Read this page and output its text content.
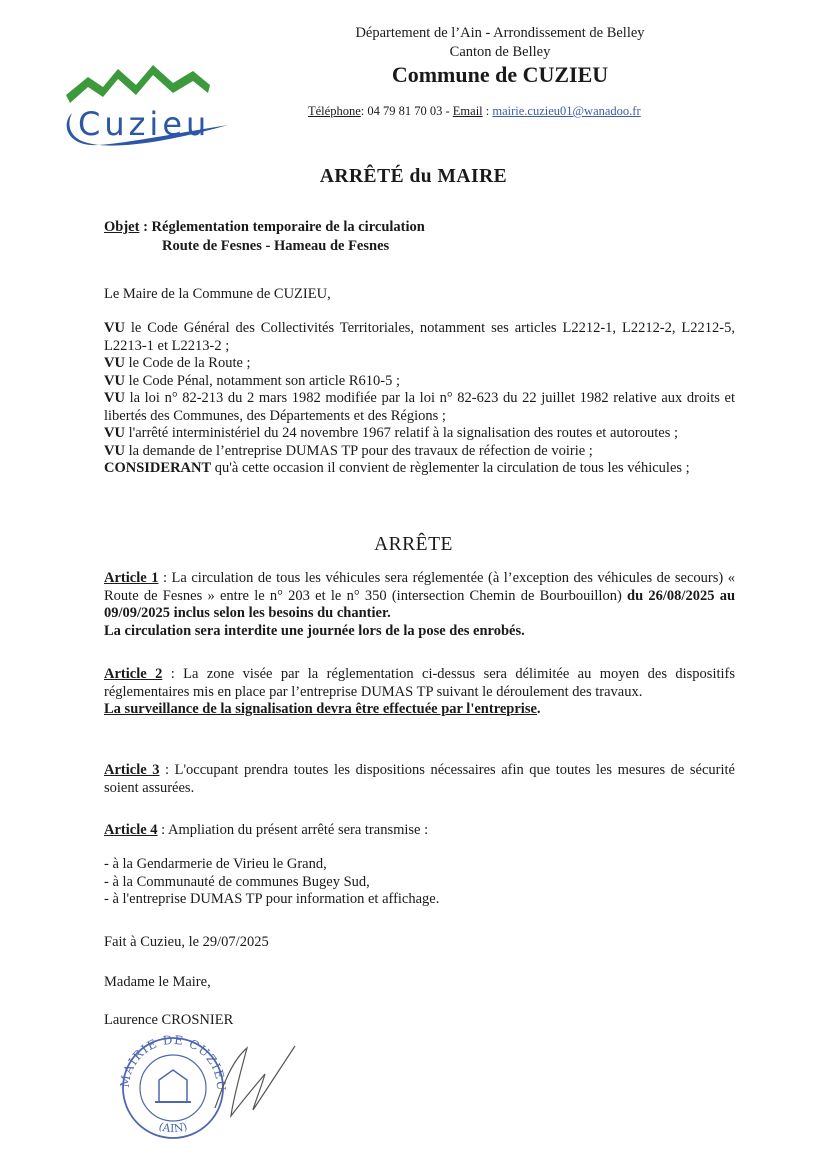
Cuzieu
Département de l’Ain - Arrondissement de Belley
Canton de Belley
Commune de CUZIEU
Téléphone: 04 79 81 70 03 - Email : mairie.cuzieu01@wanadoo.fr
ARRÊTÉ du MAIRE
Objet : Réglementation temporaire de la circulation
Route de Fesnes - Hameau de Fesnes
Le Maire de la Commune de CUZIEU,

VU le Code Général des Collectivités Territoriales, notamment ses articles L2212-1, L2212-2, L2212-5, L2213-1 et L2213-2 ;

VU le Code de la Route ;

VU le Code Pénal, notamment son article R610-5 ;

VU la loi n° 82-213 du 2 mars 1982 modifiée par la loi n° 82-623 du 22 juillet 1982 relative aux droits et libertés des Communes, des Départements et des Régions ;

VU l'arrêté interministériel du 24 novembre 1967 relatif à la signalisation des routes et autoroutes ;

VU la demande de l’entreprise DUMAS TP pour des travaux de réfection de voirie ;

CONSIDERANT qu'à cette occasion il convient de règlementer la circulation de tous les véhicules ;

ARRÊTE

Article 1 : La circulation de tous les véhicules sera réglementée (à l’exception des véhicules de secours) « Route de Fesnes » entre le n° 203 et le n° 350 (intersection Chemin de Bourbouillon) du 26/08/2025 au 09/09/2025 inclus selon les besoins du chantier.

La circulation sera interdite une journée lors de la pose des enrobés.

Article 2 : La zone visée par la réglementation ci-dessus sera délimitée au moyen des dispositifs réglementaires mis en place par l’entreprise DUMAS TP suivant le déroulement des travaux.

La surveillance de la signalisation devra être effectuée par l'entreprise.

Article 3 : L'occupant prendra toutes les dispositions nécessaires afin que toutes les mesures de sécurité soient assurées.

Article 4 : Ampliation du présent arrêté sera transmise :

- à la Gendarmerie de Virieu le Grand,
- à la Communauté de communes Bugey Sud,
- à l'entreprise DUMAS TP pour information et affichage.
Fait à Cuzieu, le 29/07/2025
Madame le Maire,
Laurence CROSNIER
MAIRIE DE CUZIEU
(AIN)
